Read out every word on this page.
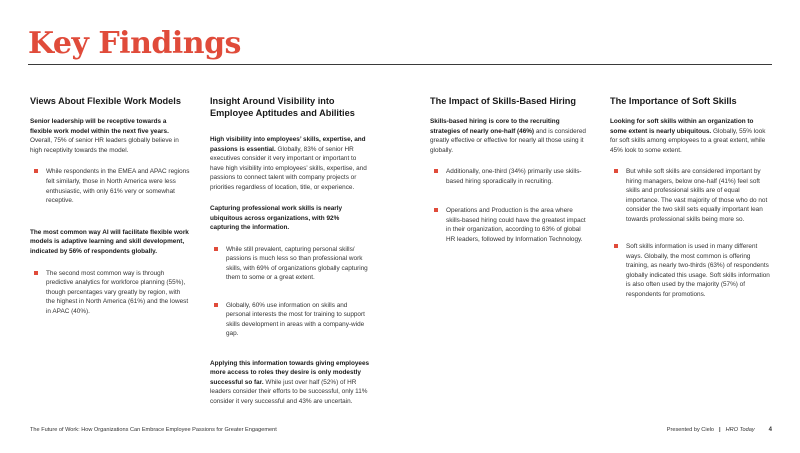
Key Findings
Views About Flexible Work Models

Senior leadership will be receptive towards a flexible work model within the next five years. Overall, 75% of senior HR leaders globally believe in high receptivity towards the model.

While respondents in the EMEA and APAC regions felt similarly, those in North America were less enthusiastic, with only 61% very or somewhat receptive.

The most common way AI will facilitate flexible work models is adaptive learning and skill development, indicated by 56% of respondents globally.

The second most common way is through predictive analytics for workforce planning (55%), though percentages vary greatly by region, with the highest in North America (61%) and the lowest in APAC (40%).
Insight Around Visibility into Employee Aptitudes and Abilities

High visibility into employees’ skills, expertise, and passions is essential. Globally, 83% of senior HR executives consider it very important or important to have high visibility into employees’ skills, expertise, and passions to connect talent with company projects or priorities regardless of location, title, or experience.

Capturing professional work skills is nearly ubiquitous across organizations, with 92% capturing the information.

While still prevalent, capturing personal skills/ passions is much less so than professional work skills, with 69% of organizations globally capturing them to some or a great extent.
Globally, 60% use information on skills and personal interests the most for training to support skills development in areas with a company-wide gap.

Applying this information towards giving employees more access to roles they desire is only modestly successful so far. While just over half (52%) of HR leaders consider their efforts to be successful, only 11% consider it very successful and 43% are uncertain.

The Impact of Skills-Based Hiring

Skills-based hiring is core to the recruiting strategies of nearly one-half (46%) and is considered greatly effective or effective for nearly all those using it globally.

Additionally, one-third (34%) primarily use skills-based hiring sporadically in recruiting.
Operations and Production is the area where skills-based hiring could have the greatest impact in their organization, according to 63% of global HR leaders, followed by Information Technology.
The Importance of Soft Skills

Looking for soft skills within an organization to some extent is nearly ubiquitous. Globally, 55% look for soft skills among employees to a great extent, while 45% look to some extent.

But while soft skills are considered important by hiring managers, below one-half (41%) feel soft skills and professional skills are of equal importance. The vast majority of those who do not consider the two skill sets equally important lean towards professional skills being more so.
Soft skills information is used in many different ways. Globally, the most common is offering training, as nearly two-thirds (63%) of respondents globally indicated this usage. Soft skills information is also often used by the majority (57%) of respondents for promotions.
The Future of Work: How Organizations Can Embrace Employee Passions for Greater Engagement	Presented by Cielo | HRO Today 4
